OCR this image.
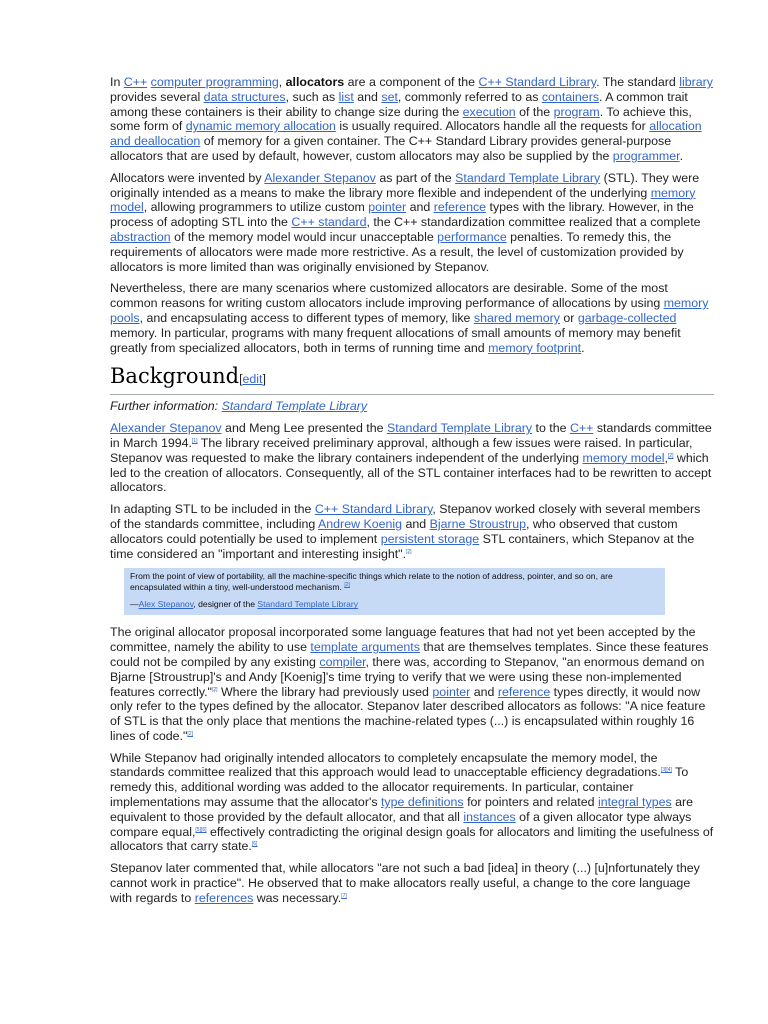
In C++ computer programming, allocators are a component of the C++ Standard Library. The standard library provides several data structures, such as list and set, commonly referred to as containers. A common trait among these containers is their ability to change size during the execution of the program. To achieve this, some form of dynamic memory allocation is usually required. Allocators handle all the requests for allocation and deallocation of memory for a given container. The C++ Standard Library provides general-purpose allocators that are used by default, however, custom allocators may also be supplied by the programmer.

Allocators were invented by Alexander Stepanov as part of the Standard Template Library (STL). They were originally intended as a means to make the library more flexible and independent of the underlying memory model, allowing programmers to utilize custom pointer and reference types with the library. However, in the process of adopting STL into the C++ standard, the C++ standardization committee realized that a complete abstraction of the memory model would incur unacceptable performance penalties. To remedy this, the requirements of allocators were made more restrictive. As a result, the level of customization provided by allocators is more limited than was originally envisioned by Stepanov.

Nevertheless, there are many scenarios where customized allocators are desirable. Some of the most common reasons for writing custom allocators include improving performance of allocations by using memory pools, and encapsulating access to different types of memory, like shared memory or garbage-collected memory. In particular, programs with many frequent allocations of small amounts of memory may benefit greatly from specialized allocators, both in terms of running time and memory footprint.

Background[edit]
Further information: Standard Template Library

Alexander Stepanov and Meng Lee presented the Standard Template Library to the C++ standards committee in March 1994.[1] The library received preliminary approval, although a few issues were raised. In particular, Stepanov was requested to make the library containers independent of the underlying memory model,[2] which led to the creation of allocators. Consequently, all of the STL container interfaces had to be rewritten to accept allocators.

In adapting STL to be included in the C++ Standard Library, Stepanov worked closely with several members of the standards committee, including Andrew Koenig and Bjarne Stroustrup, who observed that custom allocators could potentially be used to implement persistent storage STL containers, which Stepanov at the time considered an "important and interesting insight".[2]

From the point of view of portability, all the machine-specific things which relate to the notion of address, pointer, and so on, are encapsulated within a tiny, well-understood mechanism. [2]

—Alex Stepanov, designer of the Standard Template Library

The original allocator proposal incorporated some language features that had not yet been accepted by the committee, namely the ability to use template arguments that are themselves templates. Since these features could not be compiled by any existing compiler, there was, according to Stepanov, "an enormous demand on Bjarne [Stroustrup]'s and Andy [Koenig]'s time trying to verify that we were using these non-implemented features correctly."[2] Where the library had previously used pointer and reference types directly, it would now only refer to the types defined by the allocator. Stepanov later described allocators as follows: "A nice feature of STL is that the only place that mentions the machine-related types (...) is encapsulated within roughly 16 lines of code."[2]

While Stepanov had originally intended allocators to completely encapsulate the memory model, the standards committee realized that this approach would lead to unacceptable efficiency degradations.[3][4] To remedy this, additional wording was added to the allocator requirements. In particular, container implementations may assume that the allocator's type definitions for pointers and related integral types are equivalent to those provided by the default allocator, and that all instances of a given allocator type always compare equal,[5][6] effectively contradicting the original design goals for allocators and limiting the usefulness of allocators that carry state.[6]

Stepanov later commented that, while allocators "are not such a bad [idea] in theory (...) [u]nfortunately they cannot work in practice". He observed that to make allocators really useful, a change to the core language with regards to references was necessary.[7]
